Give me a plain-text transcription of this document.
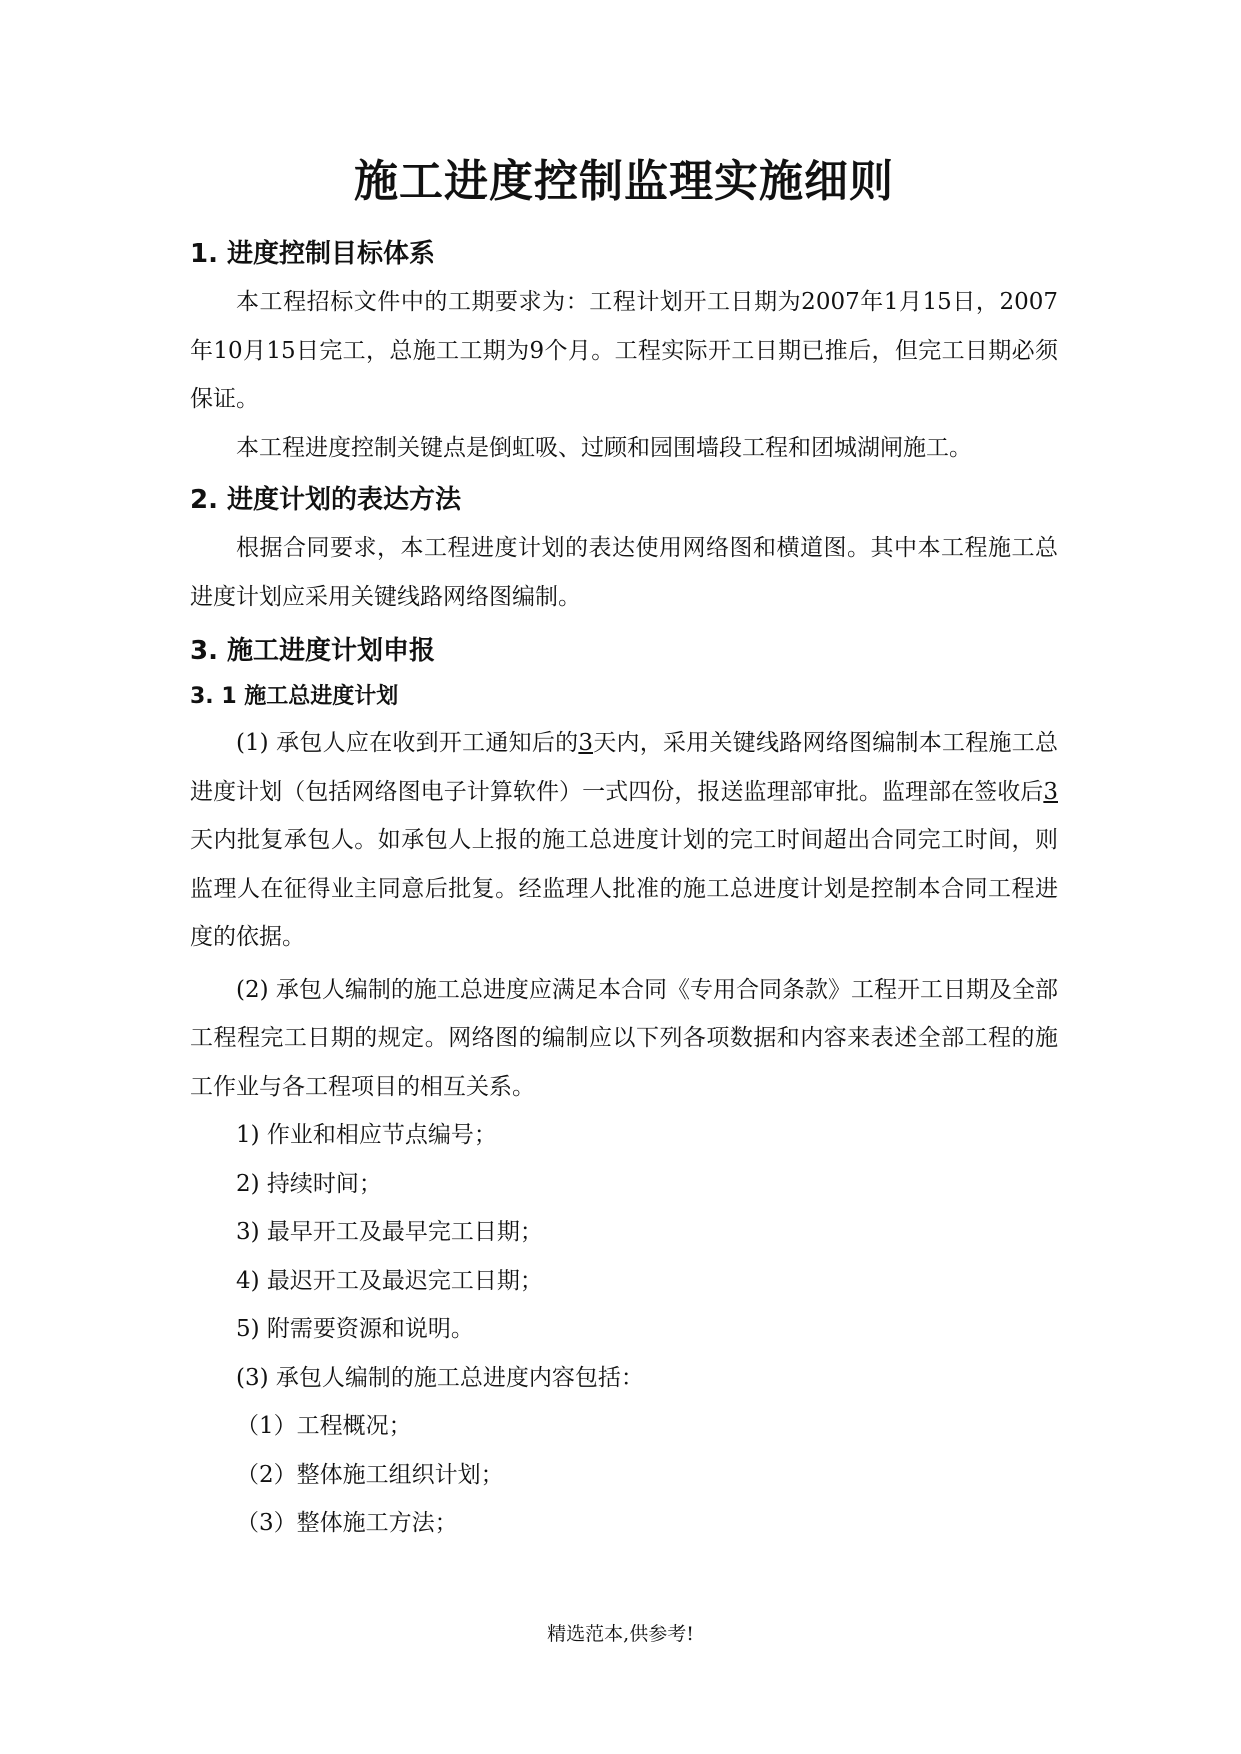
施工进度控制监理实施细则
1. 进度控制目标体系

本工程招标文件中的工期要求为：工程计划开工日期为2007年1月15日，2007年10月15日完工，总施工工期为9个月。工程实际开工日期已推后，但完工日期必须保证。

本工程进度控制关键点是倒虹吸、过顾和园围墙段工程和团城湖闸施工。

2. 进度计划的表达方法

根据合同要求，本工程进度计划的表达使用网络图和横道图。其中本工程施工总进度计划应采用关键线路网络图编制。

3. 施工进度计划申报
3. 1 施工总进度计划

(1) 承包人应在收到开工通知后的3天内，采用关键线路网络图编制本工程施工总进度计划（包括网络图电子计算软件）一式四份，报送监理部审批。监理部在签收后3天内批复承包人。如承包人上报的施工总进度计划的完工时间超出合同完工时间，则监理人在征得业主同意后批复。经监理人批准的施工总进度计划是控制本合同工程进度的依据。

(2) 承包人编制的施工总进度应满足本合同《专用合同条款》工程开工日期及全部工程程完工日期的规定。网络图的编制应以下列各项数据和内容来表述全部工程的施工作业与各工程项目的相互关系。

1) 作业和相应节点编号；

2) 持续时间；

3) 最早开工及最早完工日期；

4) 最迟开工及最迟完工日期；

5) 附需要资源和说明。

(3) 承包人编制的施工总进度内容包括：

（1）工程概况；

（2）整体施工组织计划；

（3）整体施工方法；

精选范本,供参考!
